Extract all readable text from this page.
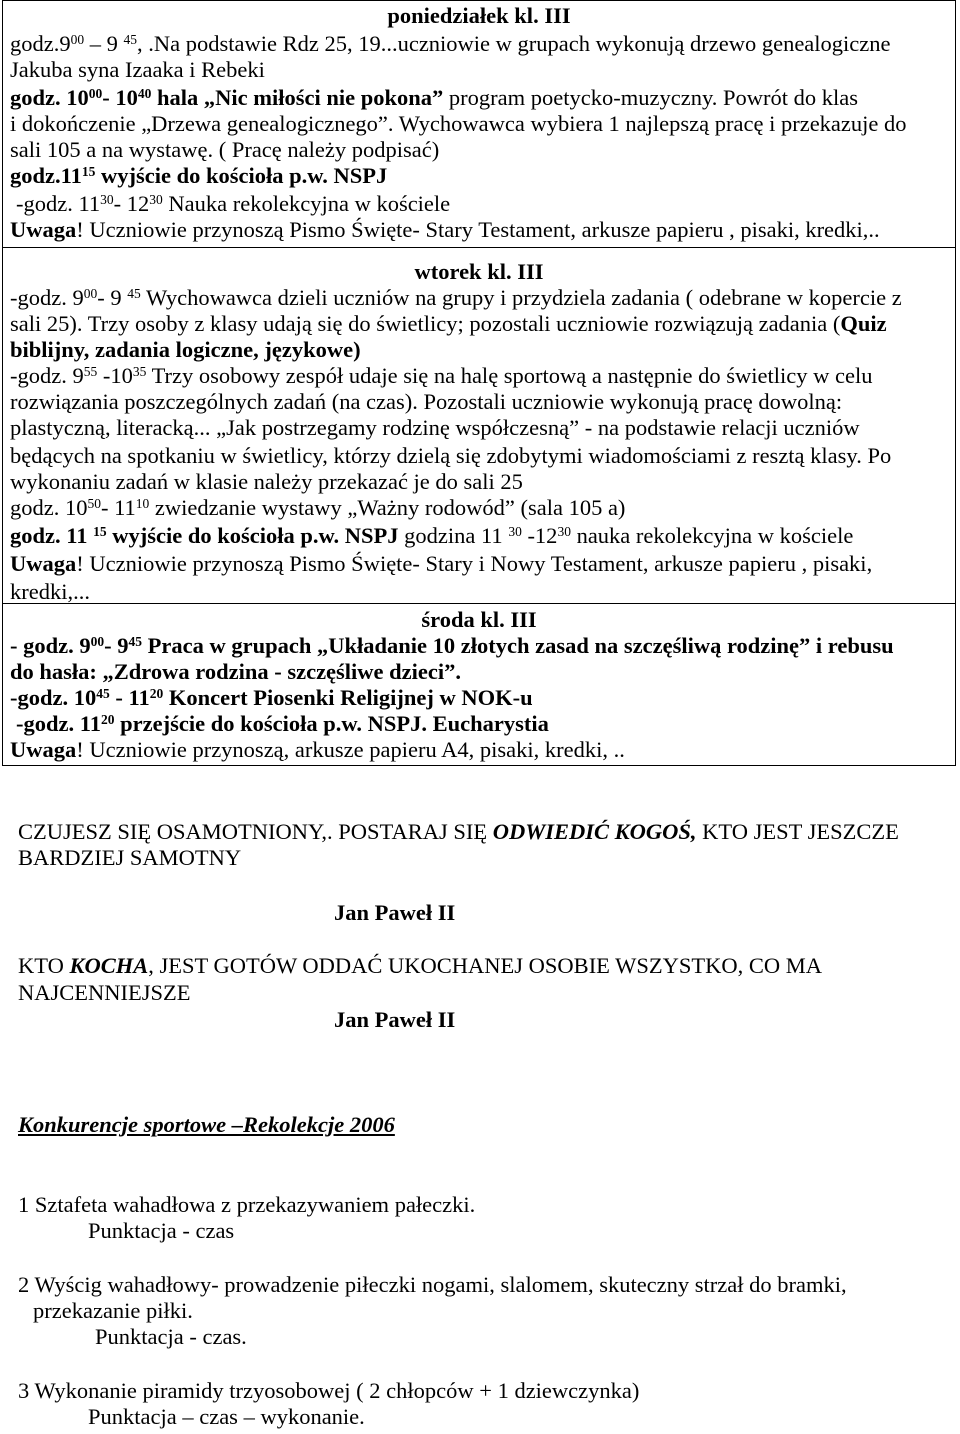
poniedziałek kl. III
$godz.9^{00} - 9$ $^{45}$, .Na podstawie Rdz 25, 19...uczniowie w grupach wykonują drzewo genealogiczne
Jakuba syna Izaaka i Rebeki
godz. $10^{00}-$ $10^{40}$ hala „Nic miłości nie pokona” program poetycko-muzyczny. Powrót do klas
i dokończenie „Drzewa genealogicznego”. Wychowawca wybiera 1 najlepszą pracę i przekazuje do
sali 105 a na wystawę. ( Pracę należy podpisać)
$godz.11^{15}$ wyjście do kościoła p.w. NSPJ
-godz. $11^{30}-$ $12^{30}$ Nauka rekolekcyjna w kościele
Uwaga! Uczniowie przynoszą Pismo Święte- Stary Testament, arkusze papieru , pisaki, kredki,..
wtorek kl. III
-godz. $9^{00}-$ 9 $^{45}$ Wychowawca dzieli uczniów na grupy i przydziela zadania ( odebrane w kopercie z
sali 25). Trzy osoby z klasy udają się do świetlicy; pozostali uczniowie rozwiązują zadania (Quiz
biblijny, zadania logiczne, językowe)
-godz. $9^{55}$ $-10^{35}$ Trzy osobowy zespół udaje się na halę sportową a następnie do świetlicy w celu
rozwiązania poszczególnych zadań (na czas). Pozostali uczniowie wykonują pracę dowolną:
plastyczną, literacką... „Jak postrzegamy rodzinę współczesną” - na podstawie relacji uczniów
będących na spotkaniu w świetlicy, którzy dzielą się zdobytymi wiadomościami z resztą klasy. Po
wykonaniu zadań w klasie należy przekazać je do sali 25
godz. $10^{50}-$ $11^{10}$ zwiedzanie wystawy „Ważny rodowód” (sala 105 a)
godz. 11 $^{15}$ wyjście do kościoła p.w. NSPJ godzina 11 $^{30}$ $-12^{30}$ nauka rekolekcyjna w kościele
Uwaga! Uczniowie przynoszą Pismo Święte- Stary i Nowy Testament, arkusze papieru , pisaki,
kredki,...
środa kl. III
- godz. $9^{00}-$ $9^{45}$ Praca w grupach „Układanie 10 złotych zasad na szczęśliwą rodzinę” i rebusu
do hasła: „Zdrowa rodzina - szczęśliwe dzieci”.
-godz. $10^{45} - 11^{20}$ Koncert Piosenki Religijnej w NOK-u
-godz. $11^{20}$ przejście do kościoła p.w. NSPJ. Eucharystia
Uwaga! Uczniowie przynoszą, arkusze papieru A4, pisaki, kredki, ..
CZUJESZ SIĘ OSAMOTNIONY,. POSTARAJ SIĘ ODWIEDIĆ KOGOŚ, KTO JEST JESZCZE
BARDZIEJ SAMOTNY
Jan Paweł II
KTO KOCHA, JEST GOTÓW ODDAĆ UKOCHANEJ OSOBIE WSZYSTKO, CO MA
NAJCENNIEJSZE
Jan Paweł II
Konkurencje sportowe –Rekolekcje 2006
1 Sztafeta wahadłowa z przekazywaniem pałeczki.
Punktacja - czas
2 Wyścig wahadłowy- prowadzenie piłeczki nogami, slalomem, skuteczny strzał do bramki,
przekazanie piłki.
Punktacja - czas.
3 Wykonanie piramidy trzyosobowej ( 2 chłopców + 1 dziewczynka)
Punktacja – czas – wykonanie.
